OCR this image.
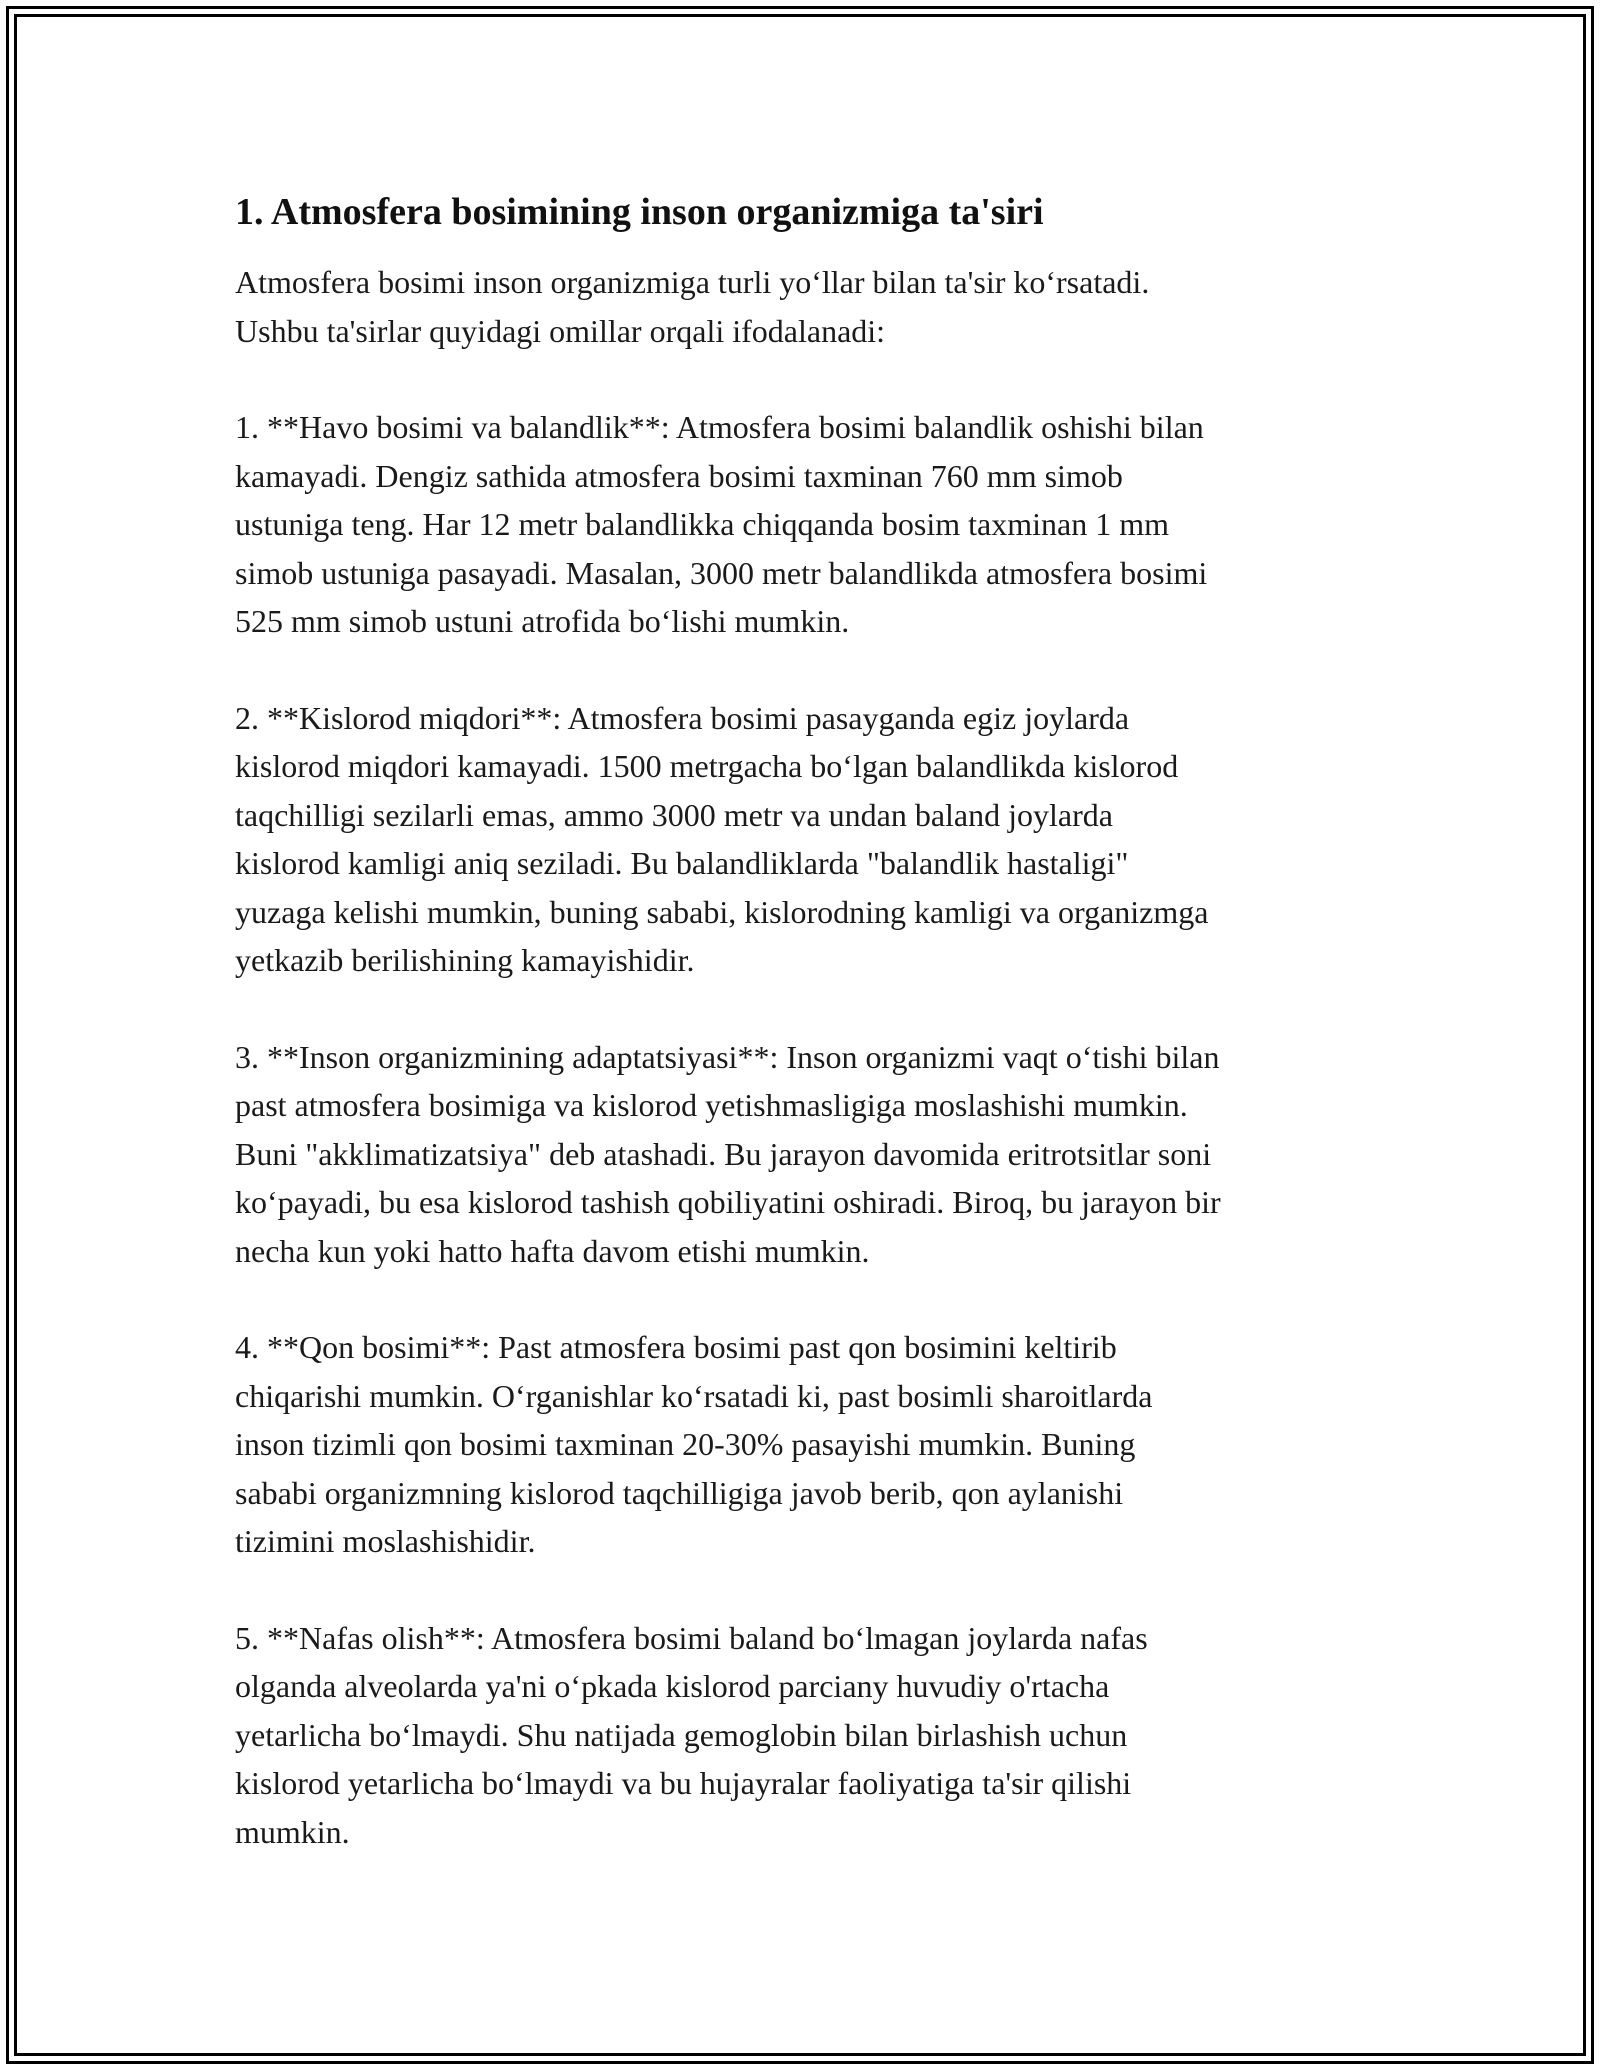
1. Atmosfera bosimining inson organizmiga ta'siri

Atmosfera bosimi inson organizmiga turli yo‘llar bilan ta'sir ko‘rsatadi.
Ushbu ta'sirlar quyidagi omillar orqali ifodalanadi:

1. **Havo bosimi va balandlik**: Atmosfera bosimi balandlik oshishi bilan
kamayadi. Dengiz sathida atmosfera bosimi taxminan 760 mm simob
ustuniga teng. Har 12 metr balandlikka chiqqanda bosim taxminan 1 mm
simob ustuniga pasayadi. Masalan, 3000 metr balandlikda atmosfera bosimi
525 mm simob ustuni atrofida bo‘lishi mumkin.

2. **Kislorod miqdori**: Atmosfera bosimi pasayganda egiz joylarda
kislorod miqdori kamayadi. 1500 metrgacha bo‘lgan balandlikda kislorod
taqchilligi sezilarli emas, ammo 3000 metr va undan baland joylarda
kislorod kamligi aniq seziladi. Bu balandliklarda "balandlik hastaligi"
yuzaga kelishi mumkin, buning sababi, kislorodning kamligi va organizmga
yetkazib berilishining kamayishidir.

3. **Inson organizmining adaptatsiyasi**: Inson organizmi vaqt o‘tishi bilan
past atmosfera bosimiga va kislorod yetishmasligiga moslashishi mumkin.
Buni "akklimatizatsiya" deb atashadi. Bu jarayon davomida eritrotsitlar soni
ko‘payadi, bu esa kislorod tashish qobiliyatini oshiradi. Biroq, bu jarayon bir
necha kun yoki hatto hafta davom etishi mumkin.

4. **Qon bosimi**: Past atmosfera bosimi past qon bosimini keltirib
chiqarishi mumkin. O‘rganishlar ko‘rsatadi ki, past bosimli sharoitlarda
inson tizimli qon bosimi taxminan 20-30% pasayishi mumkin. Buning
sababi organizmning kislorod taqchilligiga javob berib, qon aylanishi
tizimini moslashishidir.

5. **Nafas olish**: Atmosfera bosimi baland bo‘lmagan joylarda nafas
olganda alveolarda ya'ni o‘pkada kislorod parciany huvudiy o'rtacha
yetarlicha bo‘lmaydi. Shu natijada gemoglobin bilan birlashish uchun
kislorod yetarlicha bo‘lmaydi va bu hujayralar faoliyatiga ta'sir qilishi
mumkin.
